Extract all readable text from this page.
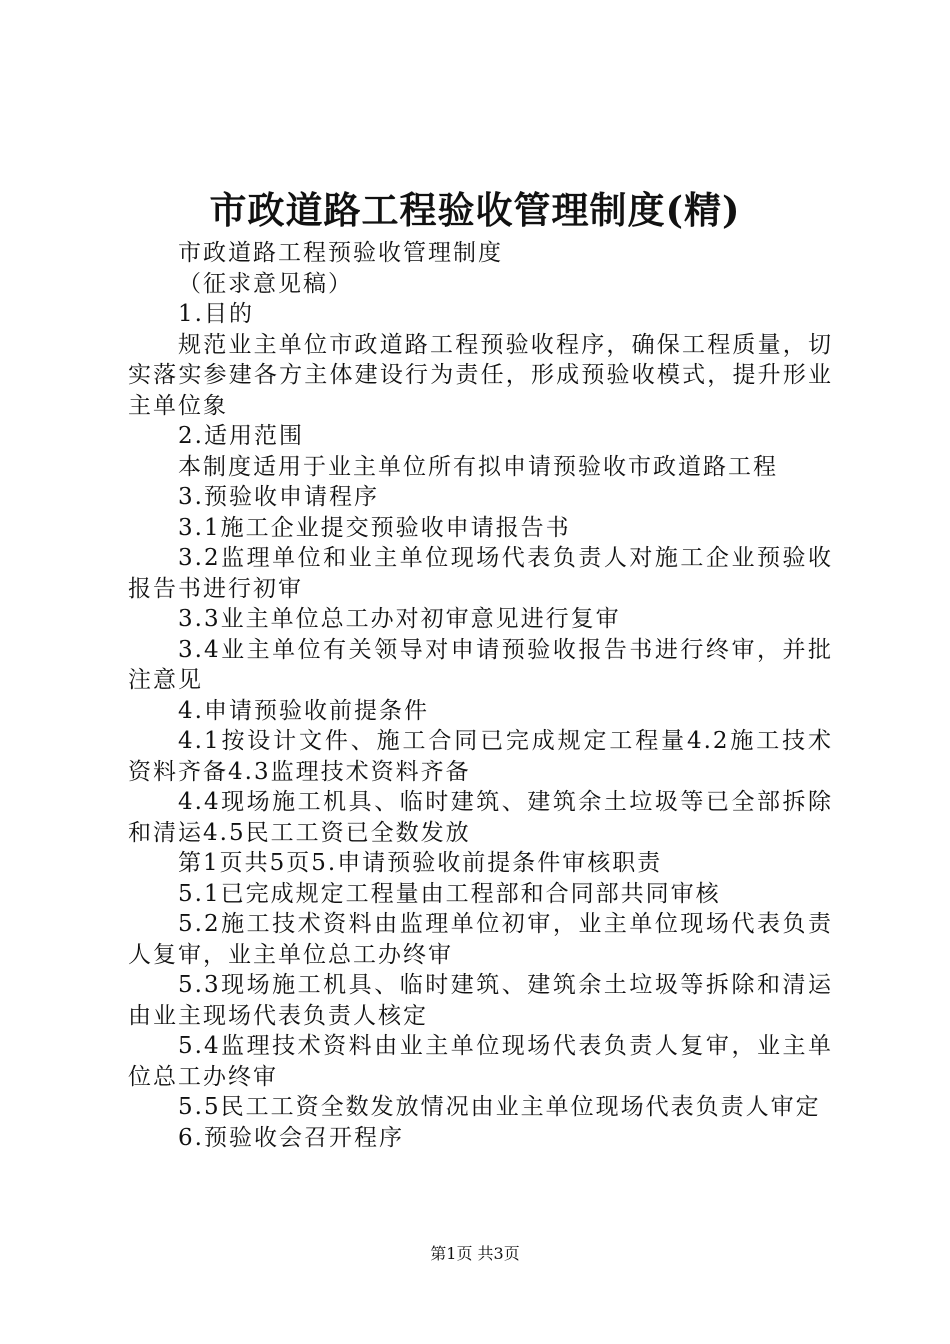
市政道路工程验收管理制度(精)

市政道路工程预验收管理制度

（征求意见稿）

1.目的

规范业主单位市政道路工程预验收程序，确保工程质量，切实落实参建各方主体建设行为责任，形成预验收模式，提升形业主单位象

2.适用范围

本制度适用于业主单位所有拟申请预验收市政道路工程

3.预验收申请程序

3.1施工企业提交预验收申请报告书

3.2监理单位和业主单位现场代表负责人对施工企业预验收报告书进行初审

3.3业主单位总工办对初审意见进行复审

3.4业主单位有关领导对申请预验收报告书进行终审，并批注意见

4.申请预验收前提条件

4.1按设计文件、施工合同已完成规定工程量4.2施工技术资料齐备4.3监理技术资料齐备

4.4现场施工机具、临时建筑、建筑余土垃圾等已全部拆除和清运4.5民工工资已全数发放

第1页共5页5.申请预验收前提条件审核职责

5.1已完成规定工程量由工程部和合同部共同审核

5.2施工技术资料由监理单位初审，业主单位现场代表负责人复审，业主单位总工办终审

5.3现场施工机具、临时建筑、建筑余土垃圾等拆除和清运由业主现场代表负责人核定

5.4监理技术资料由业主单位现场代表负责人复审，业主单位总工办终审

5.5民工工资全数发放情况由业主单位现场代表负责人审定

6.预验收会召开程序

第1页 共3页
